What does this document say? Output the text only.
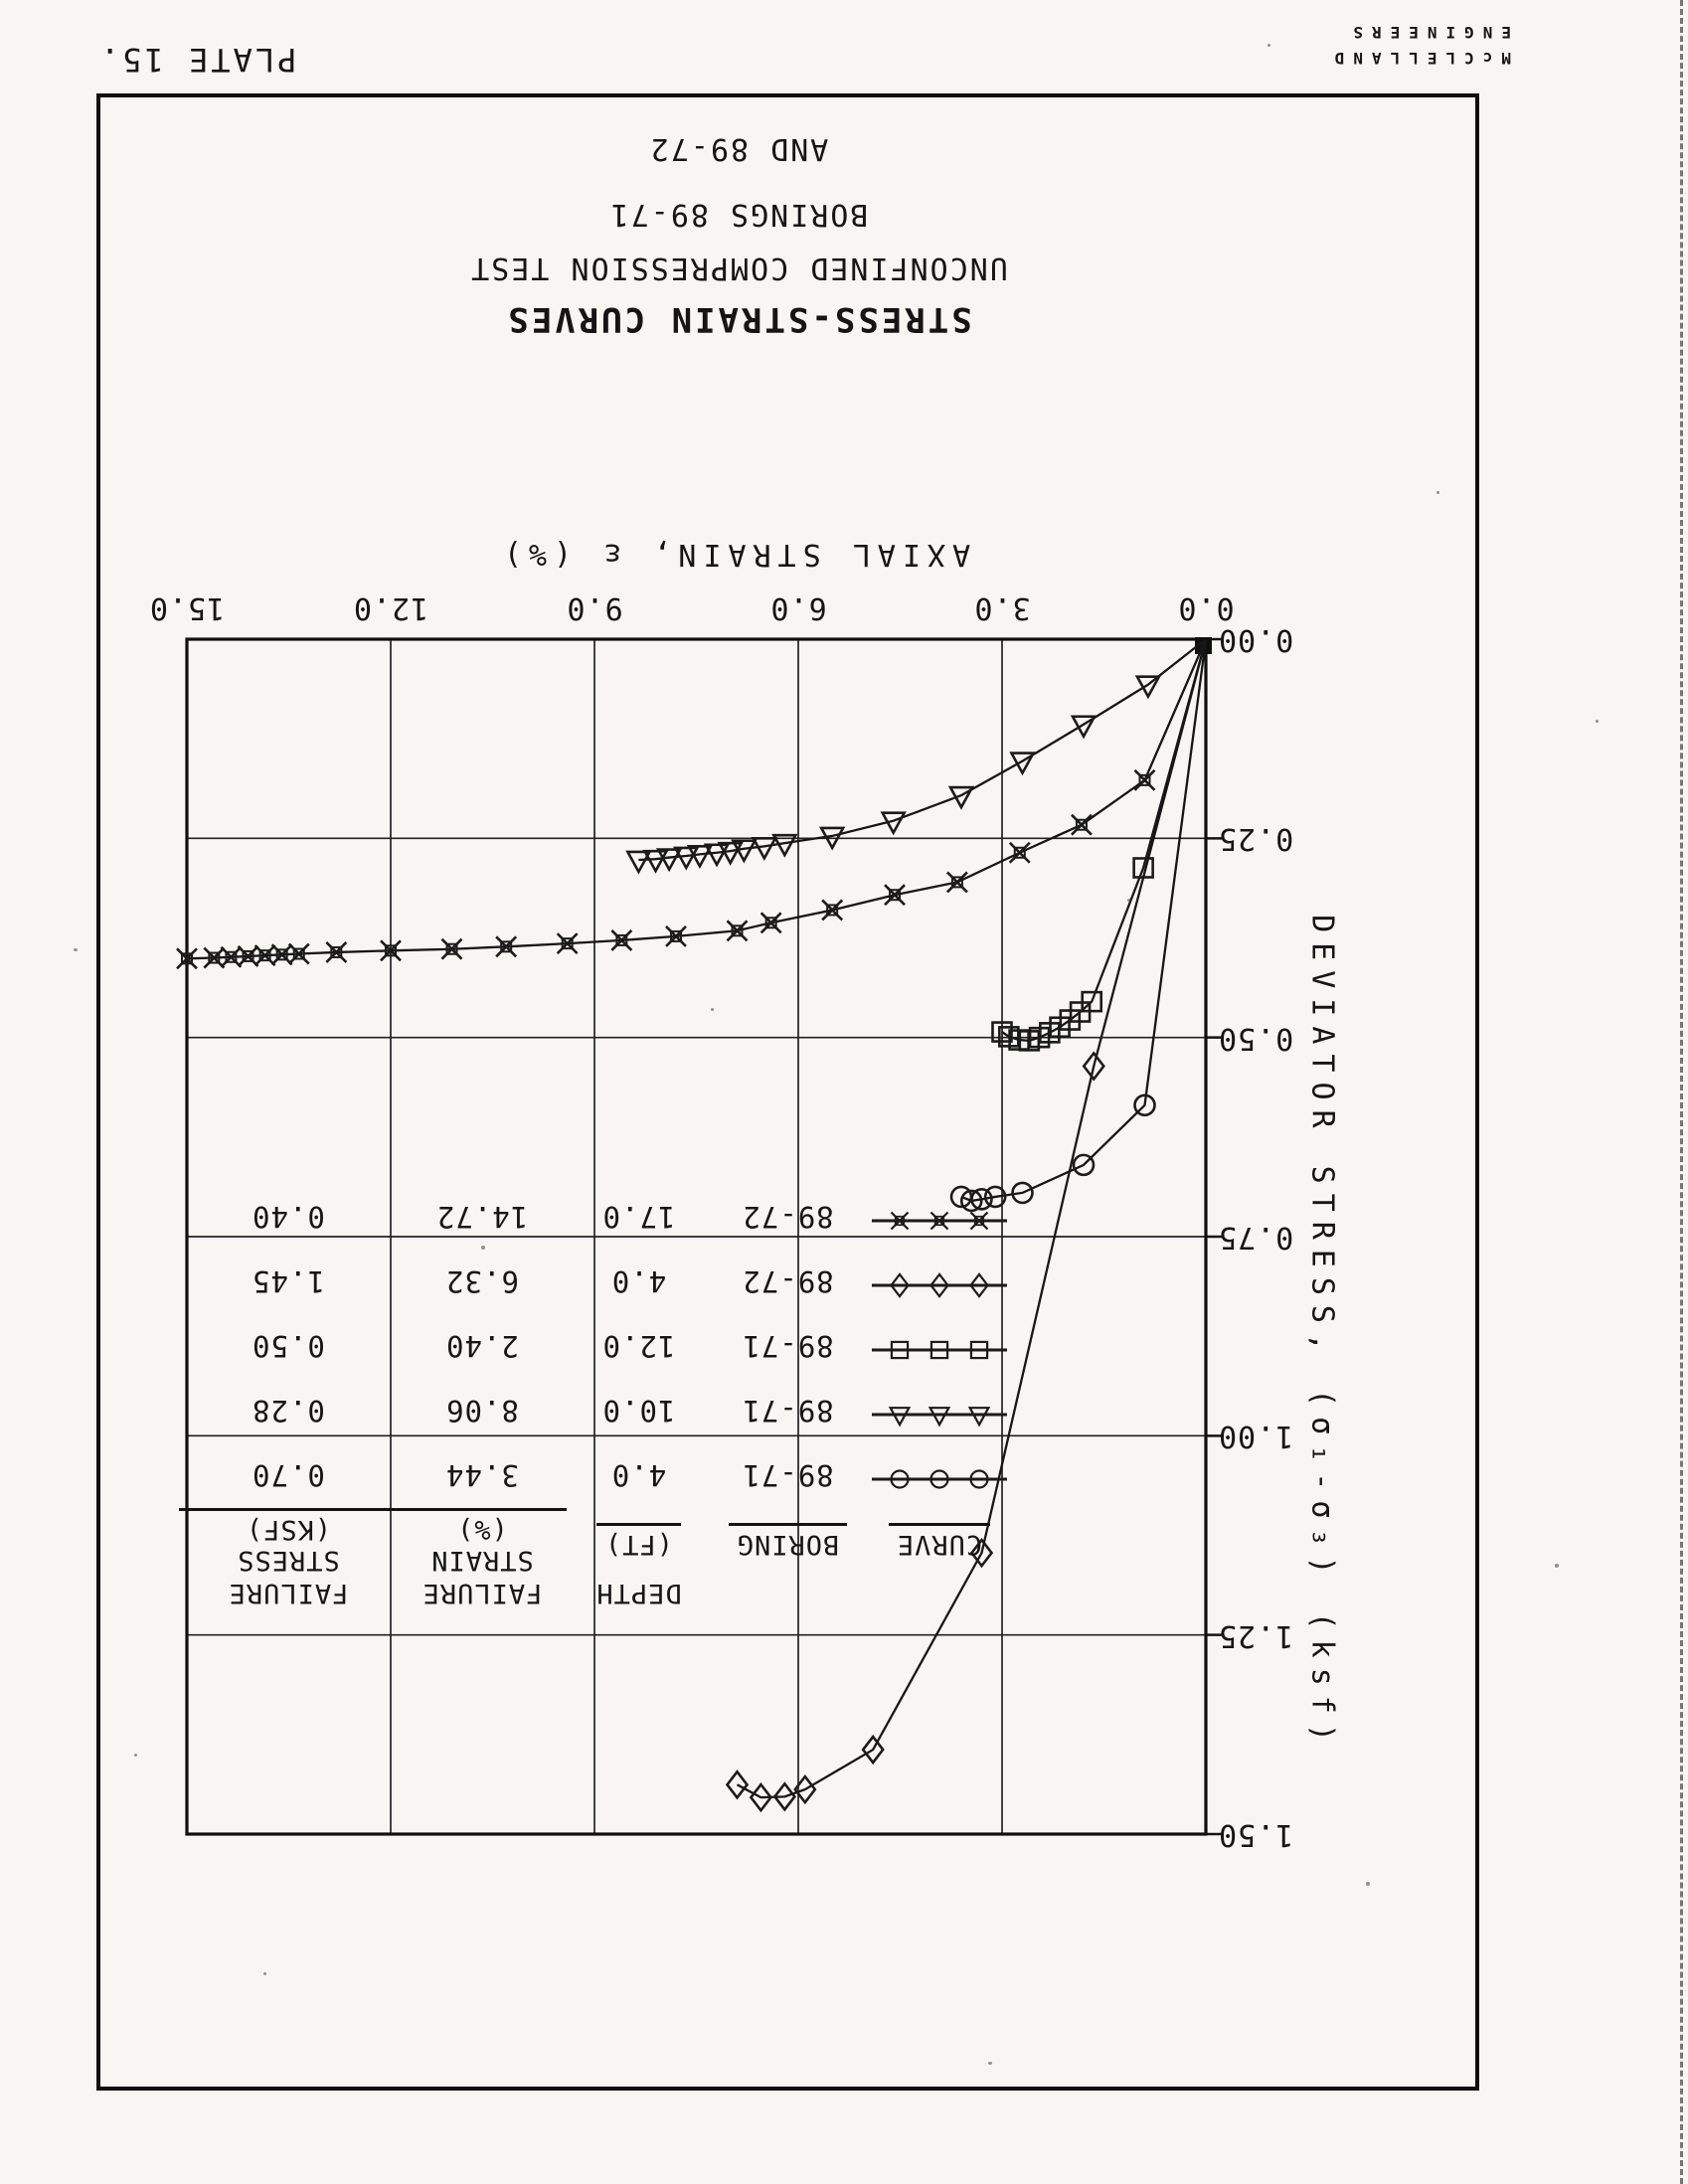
0.0
3.0
6.0
9.0
12.0
15.0
0.00
0.25
0.50
0.75
1.00
1.25
1.50
AXIAL STRAIN, ε (%)
DEVIATOR STRESS, (σ₁-σ₃) (ksf)
		DEPTH	FAILURE	FAILURE
CURVE	BORING	(FT)	STRAIN (%)	STRESS (KSF)
	89-71	4.0	3.44	0.70
	89-71	10.0	8.06	0.28
	89-71	12.0	2.40	0.50
	89-72	4.0	6.32	1.45
	89-72	17.0	14.72	0.40
STRESS-STRAIN CURVES
UNCONFINED COMPRESSION TEST
BORINGS 89-71
AND 89-72
PLATE 15.	McCLELLAND
ENGINEERS
